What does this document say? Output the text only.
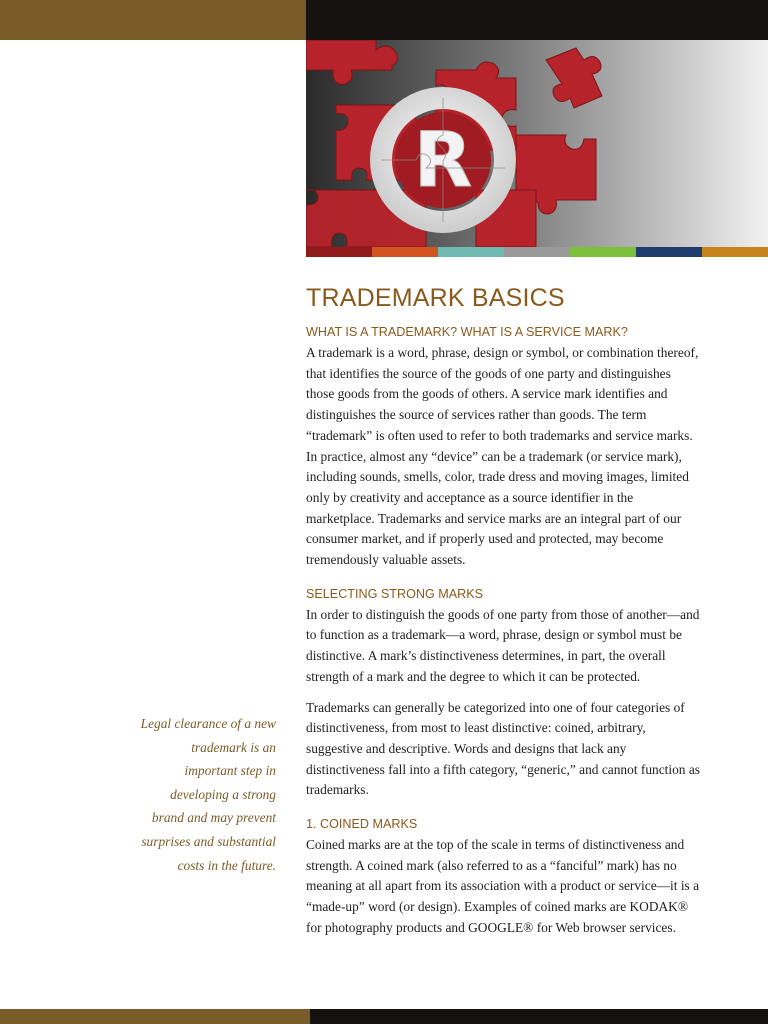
R
TRADEMARK BASICS
WHAT IS A TRADEMARK? WHAT IS A SERVICE MARK?

A trademark is a word, phrase, design or symbol, or combination thereof, that identifies the source of the goods of one party and distinguishes those goods from the goods of others. A service mark identifies and distinguishes the source of services rather than goods. The term “trademark” is often used to refer to both trademarks and service marks. In practice, almost any “device” can be a trademark (or service mark), including sounds, smells, color, trade dress and moving images, limited only by creativity and acceptance as a source identifier in the marketplace. Trademarks and service marks are an integral part of our consumer market, and if properly used and protected, may become tremendously valuable assets.

SELECTING STRONG MARKS

In order to distinguish the goods of one party from those of another—and to function as a trademark—a word, phrase, design or symbol must be distinctive. A mark’s distinctiveness determines, in part, the overall strength of a mark and the degree to which it can be protected.

Trademarks can generally be categorized into one of four categories of distinctiveness, from most to least distinctive: coined, arbitrary, suggestive and descriptive. Words and designs that lack any distinctiveness fall into a fifth category, “generic,” and cannot function as trademarks.

1. COINED MARKS

Coined marks are at the top of the scale in terms of distinctiveness and strength. A coined mark (also referred to as a “fanciful” mark) has no meaning at all apart from its association with a product or service—it is a “made-up” word (or design). Examples of coined marks are KODAK® for photography products and GOOGLE® for Web browser services.

Legal clearance of a new trademark is an important step in developing a strong brand and may prevent surprises and substantial costs in the future.
